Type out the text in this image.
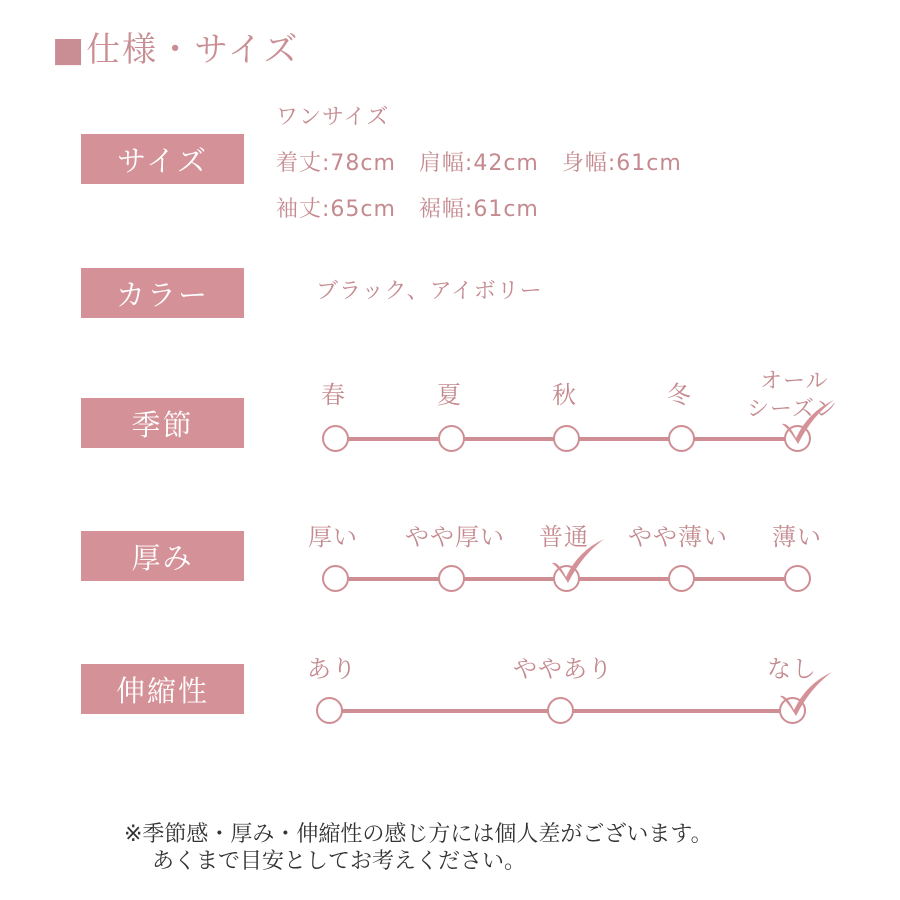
■仕様・サイズ
サイズ
ワンサイズ
着丈:78cm　肩幅:42cm　身幅:61cm
袖丈:65cm　裾幅:61cm
カラー	ブラック、アイボリー
季節
春	夏	秋	冬	オール
シーズン
厚み
厚い やや厚い 普通 やや薄い 薄い
伸縮性
あり	ややあり	なし
※季節感・厚み・伸縮性の感じ方には個人差がございます。
あくまで目安としてお考えください。
